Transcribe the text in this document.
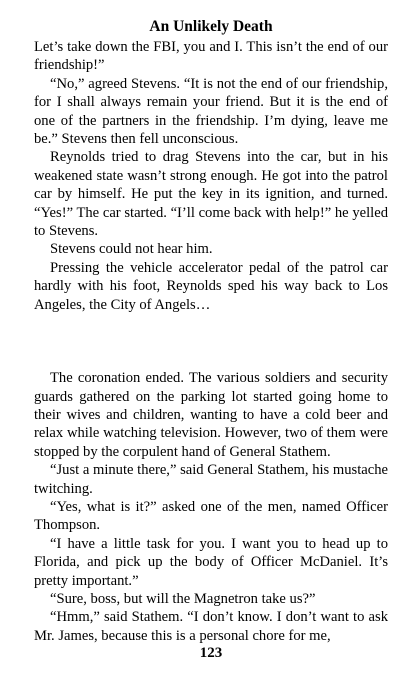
An Unlikely Death

Let’s take down the FBI, you and I. This isn’t the end of our friendship!”

“No,” agreed Stevens. “It is not the end of our friendship, for I shall always remain your friend. But it is the end of one of the partners in the friendship. I’m dying, leave me be.” Stevens then fell unconscious.

Reynolds tried to drag Stevens into the car, but in his weakened state wasn’t strong enough. He got into the patrol car by himself. He put the key in its ignition, and turned. “Yes!” The car started. “I’ll come back with help!” he yelled to Stevens.

Stevens could not hear him.

Pressing the vehicle accelerator pedal of the patrol car hardly with his foot, Reynolds sped his way back to Los Angeles, the City of Angels…

The coronation ended. The various soldiers and security guards gathered on the parking lot started going home to their wives and children, wanting to have a cold beer and relax while watching television. However, two of them were stopped by the corpulent hand of General Stathem.

“Just a minute there,” said General Stathem, his mustache twitching.

“Yes, what is it?” asked one of the men, named Officer Thompson.

“I have a little task for you. I want you to head up to Florida, and pick up the body of Officer McDaniel. It’s pretty important.”

“Sure, boss, but will the Magnetron take us?”

“Hmm,” said Stathem. “I don’t know. I don’t want to ask Mr. James, because this is a personal chore for me,

123
